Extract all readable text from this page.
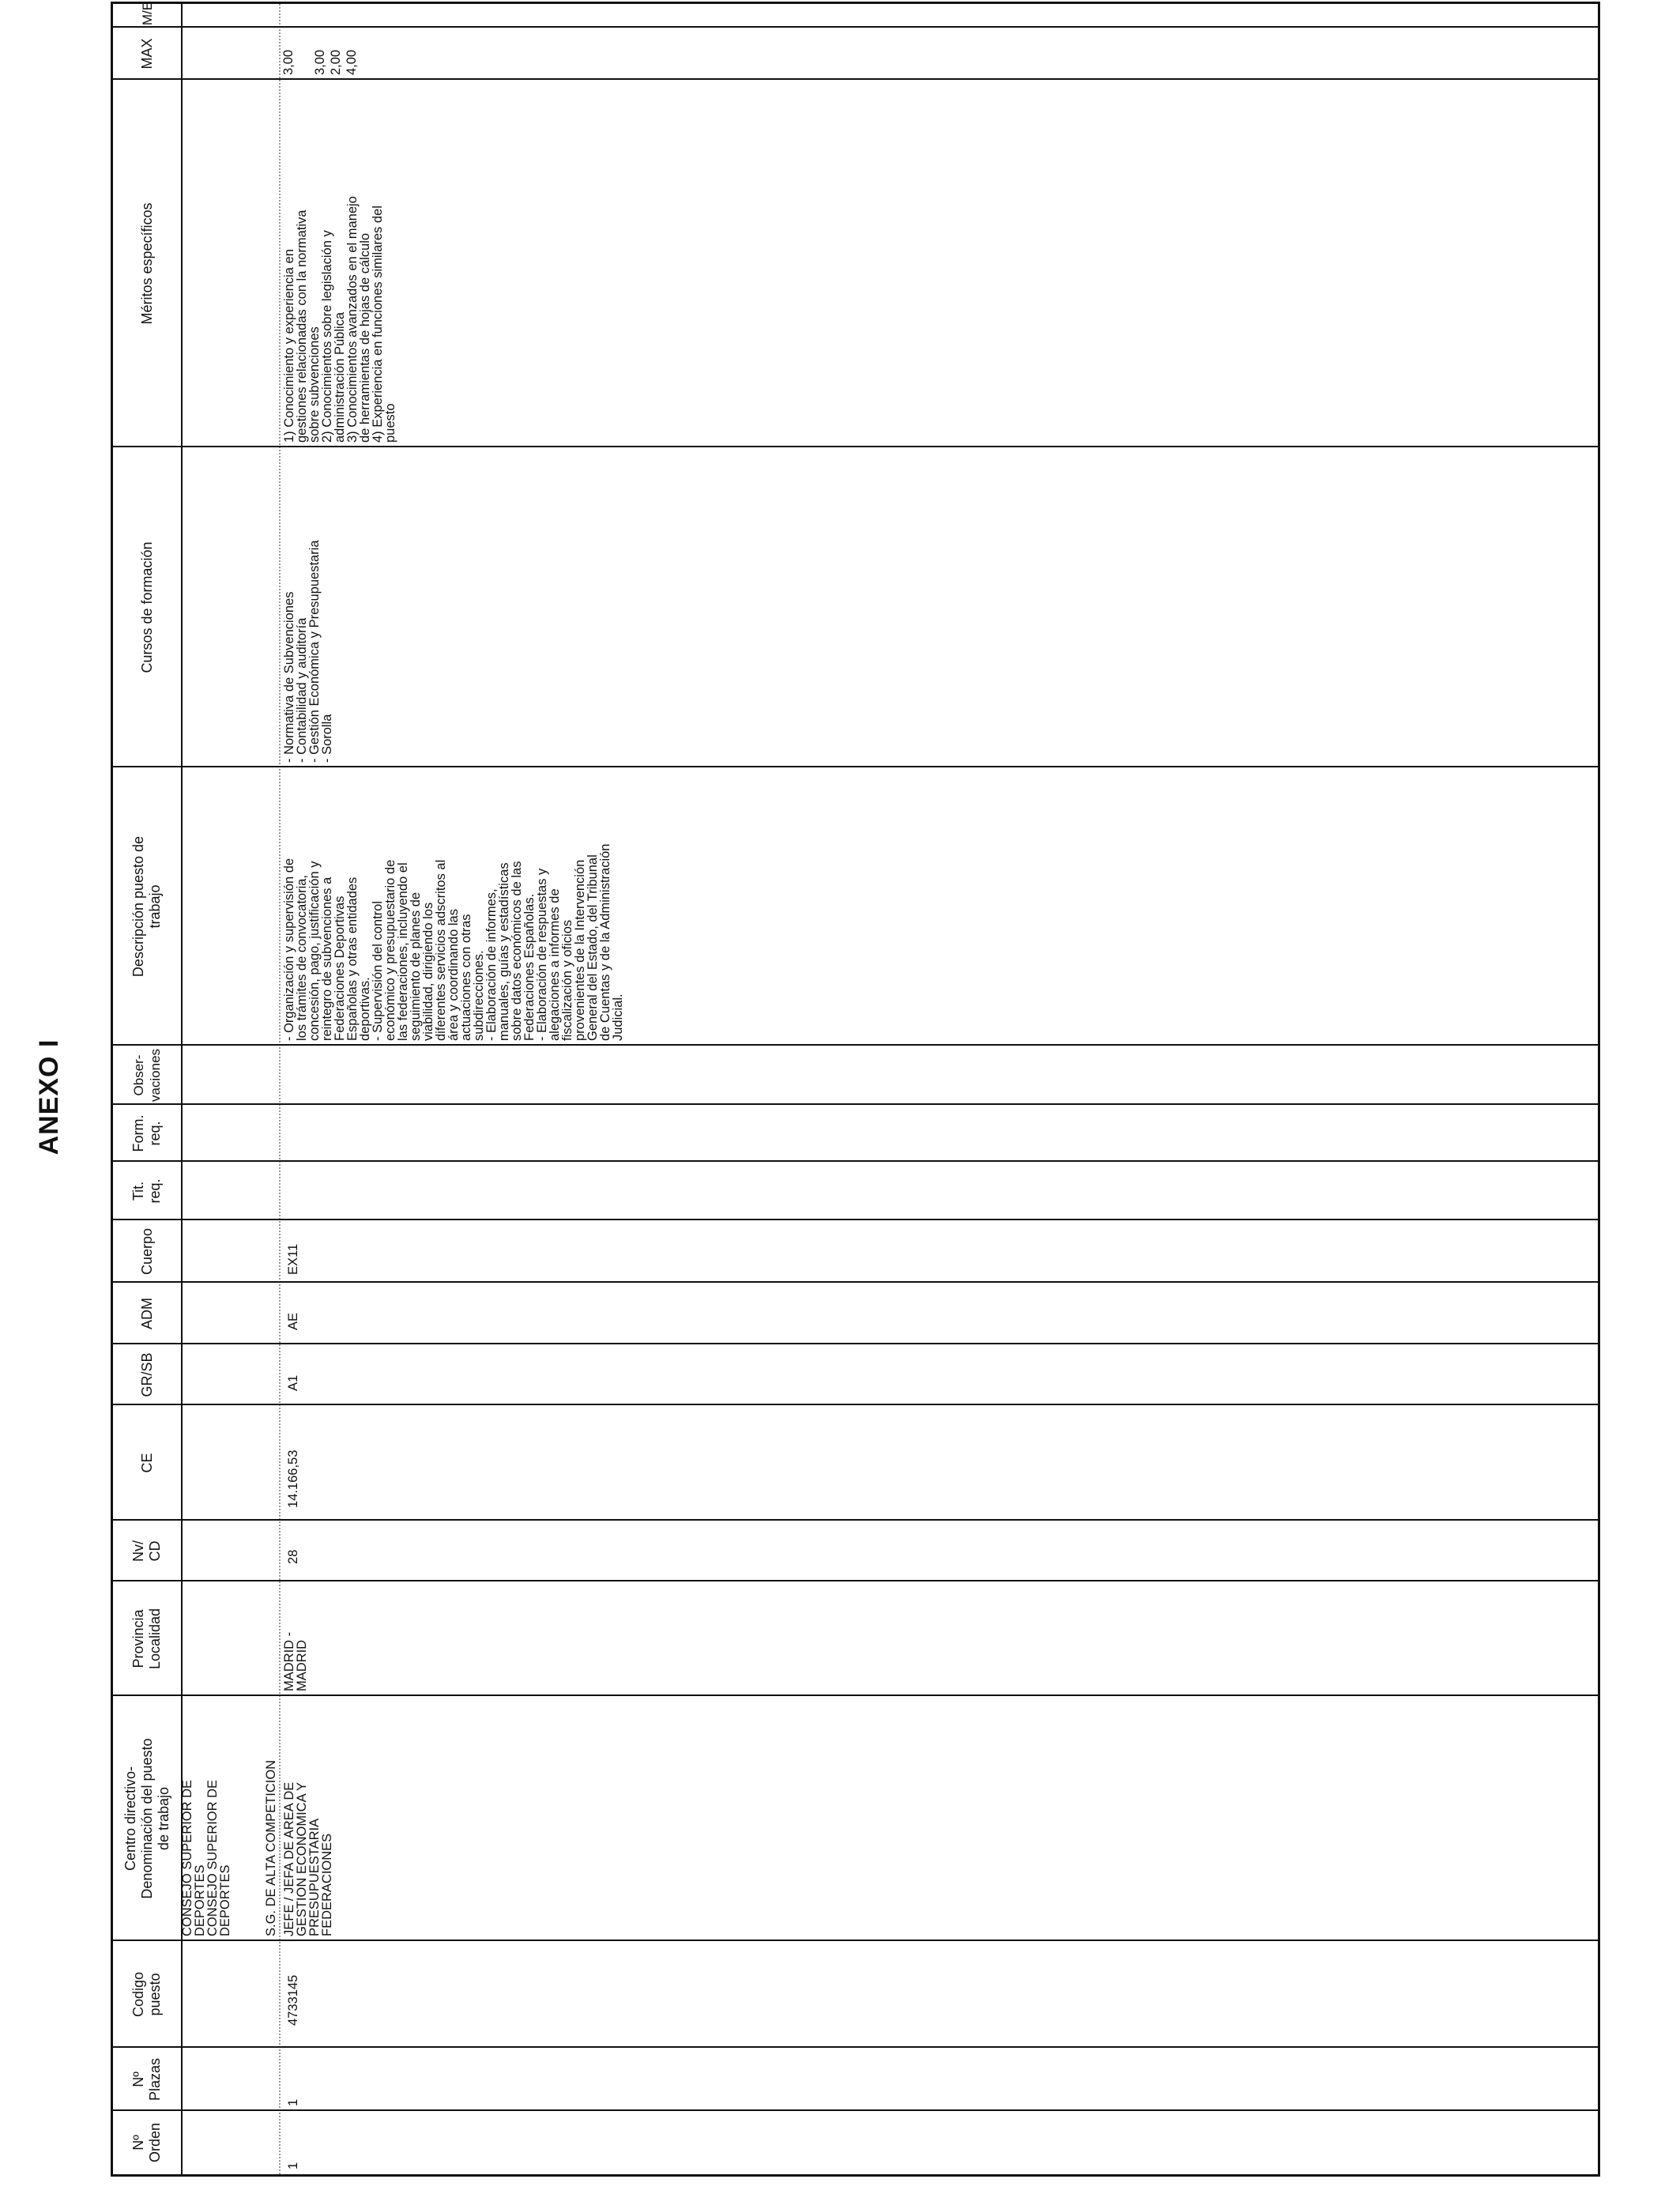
ANEXO I
Nº
Orden
Nº
Plazas
Codigo
puesto
Centro directivo-
Denominación del puesto
de trabajo
Provincia
Localidad
Nv/
CD
CE
GR/SB
ADM
Cuerpo
Tit.
req.
Form.
req.
Obser-
vaciones
Descripción puesto de
trabajo
Cursos de formación
Méritos específicos
MAX
M/E
CONSEJO SUPERIOR DE
DEPORTES
CONSEJO SUPERIOR DE
DEPORTES S.G. DE ALTA COMPETICION
1
1
4733145
JEFE / JEFA DE AREA DE
GESTION ECONOMICA Y
PRESUPUESTARIA
FEDERACIONES
MADRID -
MADRID
28
14.166,53
A1
AE
EX11
- Organización y supervisión de
los trámites de convocatoria,
concesión, pago, justificación y
reintegro de subvenciones a
Federaciones Deportivas
Españolas y otras entidades
deportivas.
- Supervisión del control
económico y presupuestario de
las federaciones, incluyendo el
seguimiento de planes de
viabilidad, dirigiendo los
diferentes servicios adscritos al
área y coordinando las
actuaciones con otras
subdirecciones.
- Elaboración de informes,
manuales, guías y estadísticas
sobre datos económicos de las
Federaciones Españolas.
- Elaboración de respuestas y
alegaciones a informes de
fiscalización y oficios
provenientes de la Intervención
General del Estado, del Tribunal
de Cuentas y de la Administración
Judicial.
- Normativa de Subvenciones
- Contabilidad y auditoría
- Gestión Económica y Presupuestaria
- Sorolla
1) Conocimiento y experiencia en
gestiones relacionadas con la normativa
sobre subvenciones
2) Conocimientos sobre legislación y
administración Pública
3) Conocimientos avanzados en el manejo
de herramientas de hojas de cálculo
4) Experiencia en funciones similares del
puesto
3,00 3,00 2,00 4,00
